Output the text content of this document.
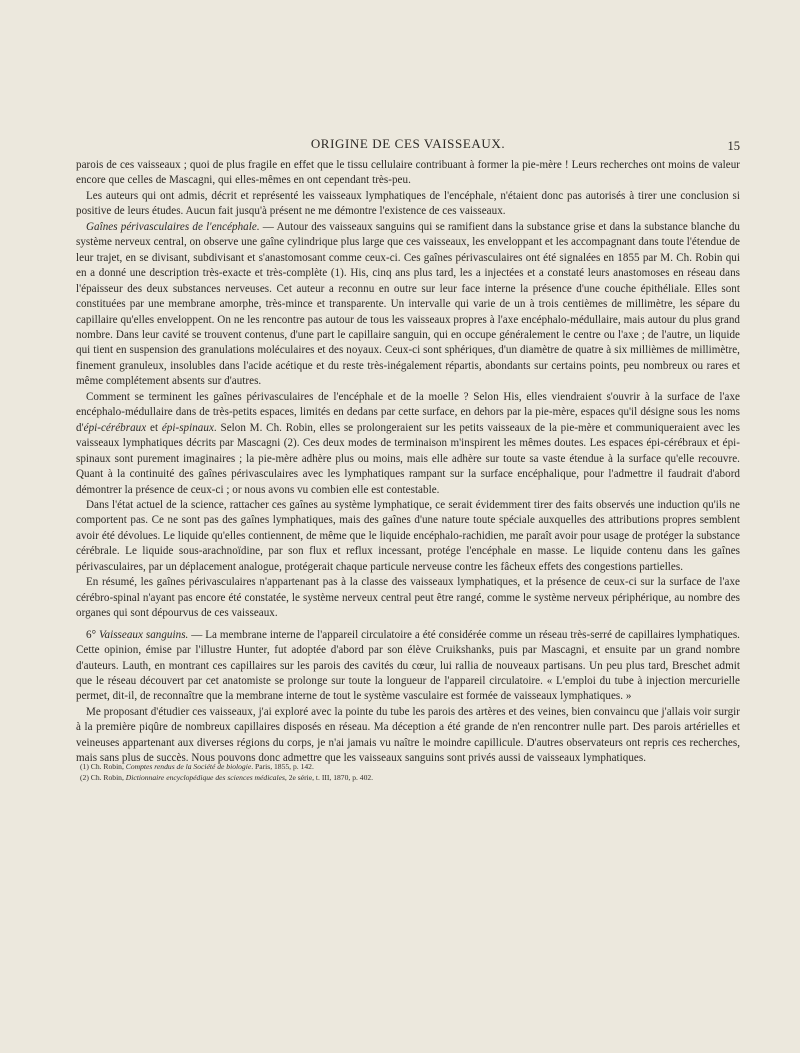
ORIGINE DE CES VAISSEAUX.	15

parois de ces vaisseaux ; quoi de plus fragile en effet que le tissu cellulaire contribuant à former la pie-mère ! Leurs recherches ont moins de valeur encore que celles de Mascagni, qui elles-mêmes en ont cependant très-peu.

Les auteurs qui ont admis, décrit et représenté les vaisseaux lymphatiques de l'encéphale, n'étaient donc pas autorisés à tirer une conclusion si positive de leurs études. Aucun fait jusqu'à présent ne me démontre l'existence de ces vaisseaux.

Gaînes périvasculaires de l'encéphale. — Autour des vaisseaux sanguins qui se ramifient dans la substance grise et dans la substance blanche du système nerveux central, on observe une gaîne cylindrique plus large que ces vaisseaux, les enveloppant et les accompagnant dans toute l'étendue de leur trajet, en se divisant, subdivisant et s'anastomosant comme ceux-ci. Ces gaînes périvasculaires ont été signalées en 1855 par M. Ch. Robin qui en a donné une description très-exacte et très-complète (1). His, cinq ans plus tard, les a injectées et a constaté leurs anastomoses en réseau dans l'épaisseur des deux substances nerveuses. Cet auteur a reconnu en outre sur leur face interne la présence d'une couche épithéliale. Elles sont constituées par une membrane amorphe, très-mince et transparente. Un intervalle qui varie de un à trois centièmes de millimètre, les sépare du capillaire qu'elles enveloppent. On ne les rencontre pas autour de tous les vaisseaux propres à l'axe encéphalo-médullaire, mais autour du plus grand nombre. Dans leur cavité se trouvent contenus, d'une part le capillaire sanguin, qui en occupe généralement le centre ou l'axe ; de l'autre, un liquide qui tient en suspension des granulations moléculaires et des noyaux. Ceux-ci sont sphériques, d'un diamètre de quatre à six millièmes de millimètre, finement granuleux, insolubles dans l'acide acétique et du reste très-inégalement répartis, abondants sur certains points, peu nombreux ou rares et même complétement absents sur d'autres.

Comment se terminent les gaînes périvasculaires de l'encéphale et de la moelle ? Selon His, elles viendraient s'ouvrir à la surface de l'axe encéphalo-médullaire dans de très-petits espaces, limités en dedans par cette surface, en dehors par la pie-mère, espaces qu'il désigne sous les noms d'épi-cérébraux et épi-spinaux. Selon M. Ch. Robin, elles se prolongeraient sur les petits vaisseaux de la pie-mère et communiqueraient avec les vaisseaux lymphatiques décrits par Mascagni (2). Ces deux modes de terminaison m'inspirent les mêmes doutes. Les espaces épi-cérébraux et épi-spinaux sont purement imaginaires ; la pie-mère adhère plus ou moins, mais elle adhère sur toute sa vaste étendue à la surface qu'elle recouvre. Quant à la continuité des gaînes périvasculaires avec les lymphatiques rampant sur la surface encéphalique, pour l'admettre il faudrait d'abord démontrer la présence de ceux-ci ; or nous avons vu combien elle est contestable.

Dans l'état actuel de la science, rattacher ces gaînes au système lymphatique, ce serait évidemment tirer des faits observés une induction qu'ils ne comportent pas. Ce ne sont pas des gaînes lymphatiques, mais des gaînes d'une nature toute spéciale auxquelles des attributions propres semblent avoir été dévolues. Le liquide qu'elles contiennent, de même que le liquide encéphalo-rachidien, me paraît avoir pour usage de protéger la substance cérébrale. Le liquide sous-arachnoïdine, par son flux et reflux incessant, protége l'encéphale en masse. Le liquide contenu dans les gaînes périvasculaires, par un déplacement analogue, protégerait chaque particule nerveuse contre les fâcheux effets des congestions partielles.

En résumé, les gaînes périvasculaires n'appartenant pas à la classe des vaisseaux lymphatiques, et la présence de ceux-ci sur la surface de l'axe cérébro-spinal n'ayant pas encore été constatée, le système nerveux central peut être rangé, comme le système nerveux périphérique, au nombre des organes qui sont dépourvus de ces vaisseaux.

6° Vaisseaux sanguins. — La membrane interne de l'appareil circulatoire a été considérée comme un réseau très-serré de capillaires lymphatiques. Cette opinion, émise par l'illustre Hunter, fut adoptée d'abord par son élève Cruikshanks, puis par Mascagni, et ensuite par un grand nombre d'auteurs. Lauth, en montrant ces capillaires sur les parois des cavités du cœur, lui rallia de nouveaux partisans. Un peu plus tard, Breschet admit que le réseau découvert par cet anatomiste se prolonge sur toute la longueur de l'appareil circulatoire. « L'emploi du tube à injection mercurielle permet, dit-il, de reconnaître que la membrane interne de tout le système vasculaire est formée de vaisseaux lymphatiques. »

Me proposant d'étudier ces vaisseaux, j'ai exploré avec la pointe du tube les parois des artères et des veines, bien convaincu que j'allais voir surgir à la première piqûre de nombreux capillaires disposés en réseau. Ma déception a été grande de n'en rencontrer nulle part. Des parois artérielles et veineuses appartenant aux diverses régions du corps, je n'ai jamais vu naître le moindre capillicule. D'autres observateurs ont repris ces recherches, mais sans plus de succès. Nous pouvons donc admettre que les vaisseaux sanguins sont privés aussi de vaisseaux lymphatiques.

(1) Ch. Robin, Comptes rendus de la Société de biologie. Paris, 1855, p. 142.
(2) Ch. Robin, Dictionnaire encyclopédique des sciences médicales, 2e série, t. III, 1870, p. 402.
